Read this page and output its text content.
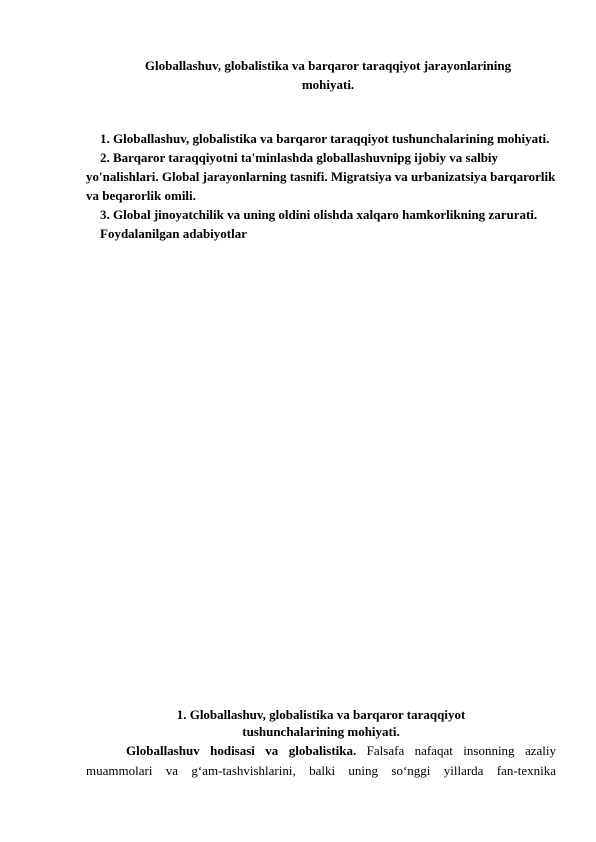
Globallashuv, globalistika va barqaror taraqqiyot jarayonlarining
mohiyati.

1. Globallashuv, globalistika va barqaror taraqqiyot tushunchalarining mohiyati.

2. Barqaror taraqqiyotni ta'minlashda globallashuvnipg ijobiy va salbiy yo'nalishlari. Global jarayonlarning tasnifi. Migratsiya va urbanizatsiya barqarorlik va beqarorlik omili.

3. Global jinoyatchilik va uning oldini olishda xalqaro hamkorlikning zarurati.

Foydalanilgan adabiyotlar

1. Globallashuv, globalistika va barqaror taraqqiyot
tushunchalarining mohiyati.

Globallashuv hodisasi va globalistika. Falsafa nafaqat insonning azaliy muammolari va g‘am-tashvishlarini, balki uning so‘nggi yillarda fan-texnika
